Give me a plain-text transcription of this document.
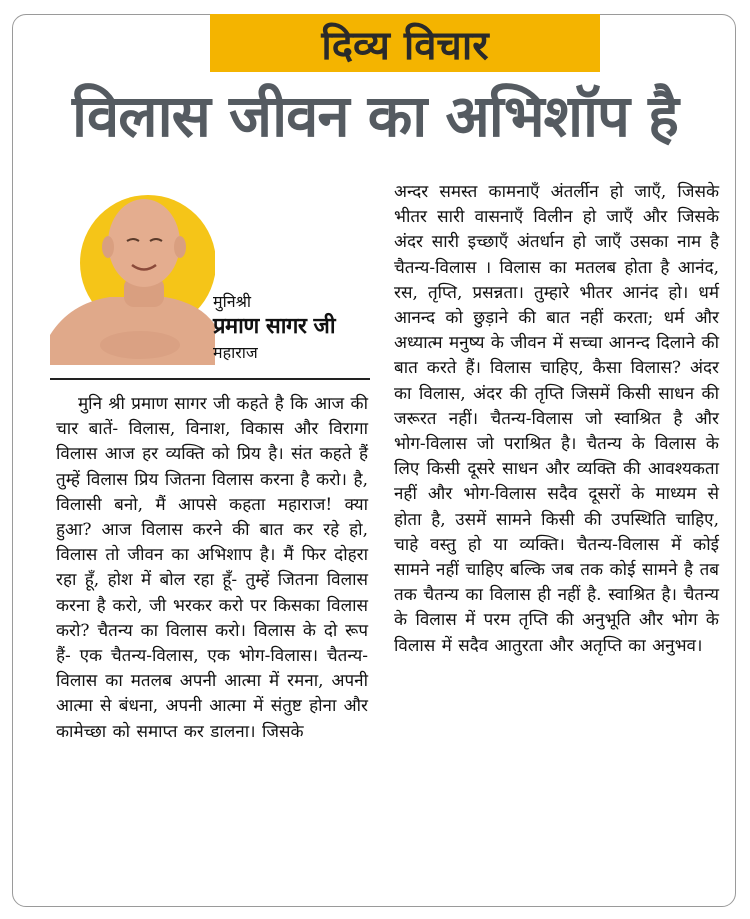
दिव्य विचार
विलास जीवन का अभिशॉप है
मुनिश्री
प्रमाण सागर जी
महाराज
मुनि श्री प्रमाण सागर जी कहते है कि आज की चार बातें- विलास, विनाश, विकास और विरागा विलास आज हर व्यक्ति को प्रिय है। संत कहते हैं तुम्हें विलास प्रिय जितना विलास करना है करो। है, विलासी बनो, मैं आपसे कहता महाराज! क्या हुआ? आज विलास करने की बात कर रहे हो, विलास तो जीवन का अभिशाप है। मैं फिर दोहरा रहा हूँ, होश में बोल रहा हूँ- तुम्हें जितना विलास करना है करो, जी भरकर करो पर किसका विलास करो? चैतन्य का विलास करो। विलास के दो रूप हैं- एक चैतन्य-विलास, एक भोग-विलास। चैतन्य-विलास का मतलब अपनी आत्मा में रमना, अपनी आत्मा से बंधना, अपनी आत्मा में संतुष्ट होना और कामेच्छा को समाप्त कर डालना। जिसके
अन्दर समस्त कामनाएँ अंतर्लीन हो जाएँ, जिसके भीतर सारी वासनाएँ विलीन हो जाएँ और जिसके अंदर सारी इच्छाएँ अंतर्धान हो जाएँ उसका नाम है चैतन्य-विलास । विलास का मतलब होता है आनंद, रस, तृप्ति, प्रसन्नता। तुम्हारे भीतर आनंद हो। धर्म आनन्द को छुड़ाने की बात नहीं करता; धर्म और अध्यात्म मनुष्य के जीवन में सच्चा आनन्द दिलाने की बात करते हैं। विलास चाहिए, कैसा विलास? अंदर का विलास, अंदर की तृप्ति जिसमें किसी साधन की जरूरत नहीं। चैतन्य-विलास जो स्वाश्रित है और भोग-विलास जो पराश्रित है। चैतन्य के विलास के लिए किसी दूसरे साधन और व्यक्ति की आवश्यकता नहीं और भोग-विलास सदैव दूसरों के माध्यम से होता है, उसमें सामने किसी की उपस्थिति चाहिए, चाहे वस्तु हो या व्यक्ति। चैतन्य-विलास में कोई सामने नहीं चाहिए बल्कि जब तक कोई सामने है तब तक चैतन्य का विलास ही नहीं है. स्वाश्रित है। चैतन्य के विलास में परम तृप्ति की अनुभूति और भोग के विलास में सदैव आतुरता और अतृप्ति का अनुभव।
